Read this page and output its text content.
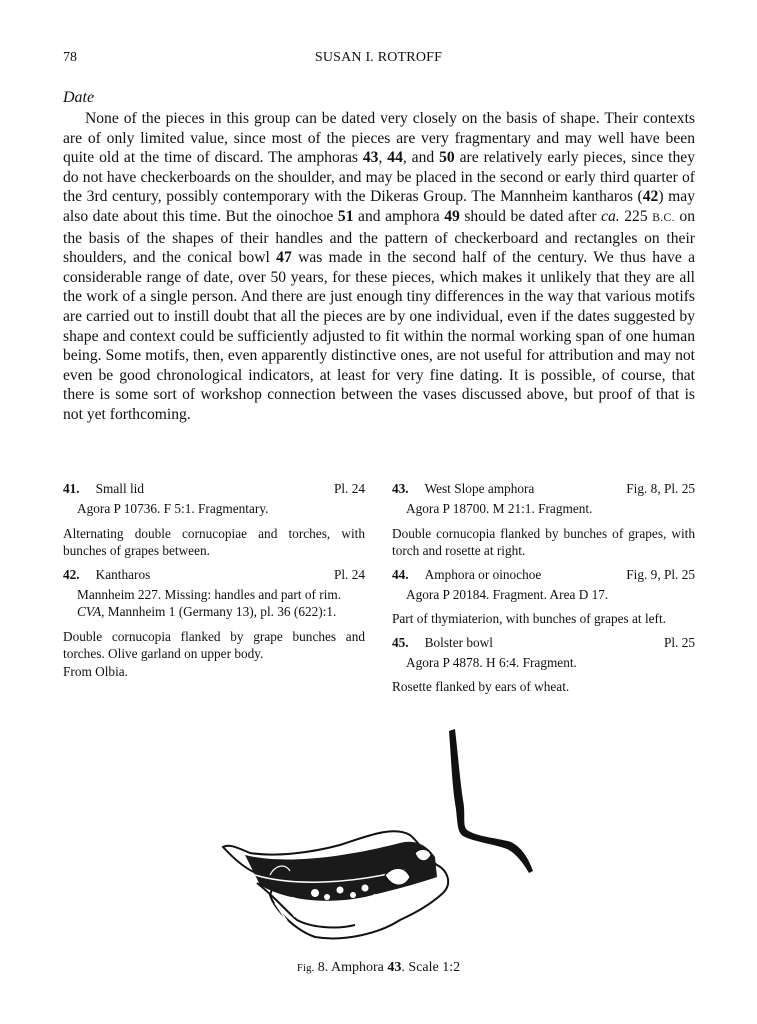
78	SUSAN I. ROTROFF
Date
None of the pieces in this group can be dated very closely on the basis of shape. Their contexts are of only limited value, since most of the pieces are very fragmentary and may well have been quite old at the time of discard. The amphoras 43, 44, and 50 are relatively early pieces, since they do not have checkerboards on the shoulder, and may be placed in the second or early third quarter of the 3rd century, possibly contemporary with the Dikeras Group. The Mannheim kantharos (42) may also date about this time. But the oinochoe 51 and amphora 49 should be dated after ca. 225 B.C. on the basis of the shapes of their handles and the pattern of checkerboard and rectangles on their shoulders, and the conical bowl 47 was made in the second half of the century. We thus have a considerable range of date, over 50 years, for these pieces, which makes it unlikely that they are all the work of a single person. And there are just enough tiny differences in the way that various motifs are carried out to instill doubt that all the pieces are by one individual, even if the dates suggested by shape and context could be sufficiently adjusted to fit within the normal working span of one human being. Some motifs, then, even apparently distinctive ones, are not useful for attribution and may not even be good chronological indicators, at least for very fine dating. It is possible, of course, that there is some sort of workshop connection between the vases discussed above, but proof of that is not yet forthcoming.
41. Small lid	Pl. 24
Agora P 10736. F 5:1. Fragmentary.
Alternating double cornucopiae and torches, with bunches of grapes between.
42. Kantharos	Pl. 24
Mannheim 227. Missing: handles and part of rim.
CVA, Mannheim 1 (Germany 13), pl. 36 (622):1.
Double cornucopia flanked by grape bunches and torches. Olive garland on upper body.
From Olbia.
43. West Slope amphora	Fig. 8, Pl. 25
Agora P 18700. M 21:1. Fragment.
Double cornucopia flanked by bunches of grapes, with torch and rosette at right.
44. Amphora or oinochoe	Fig. 9, Pl. 25
Agora P 20184. Fragment. Area D 17.
Part of thymiaterion, with bunches of grapes at left.
45. Bolster bowl	Pl. 25
Agora P 4878. H 6:4. Fragment.
Rosette flanked by ears of wheat.
Fig. 8. Amphora 43. Scale 1:2
